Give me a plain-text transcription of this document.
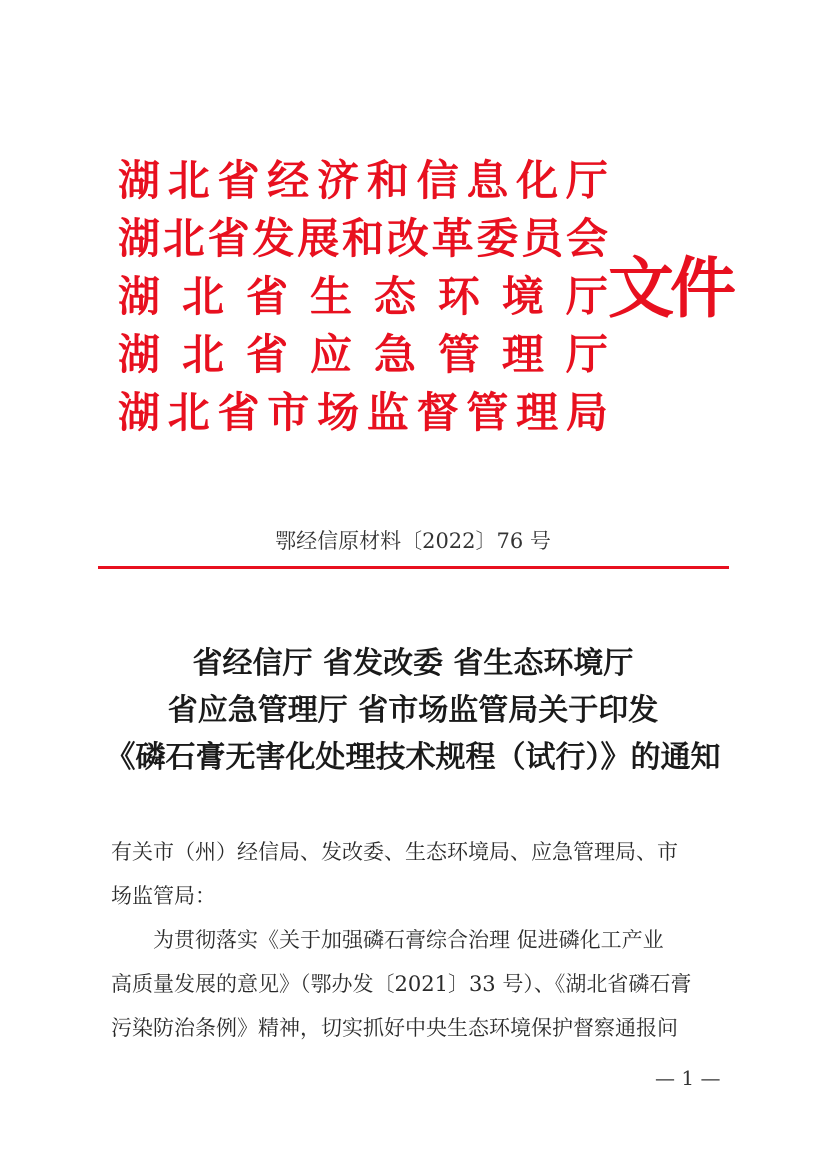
湖 北 省 经 济 和 信 息 化 厅
湖 北 省 发 展 和 改 革 委 员 会
湖 北 省 生 态 环 境 厅
湖 北 省 应 急 管 理 厅
湖 北 省 市 场 监 督 管 理 局
文件
鄂经信原材料〔2022〕76 号
省经信厅 省发改委 省生态环境厅
省应急管理厅 省市场监管局关于印发
《磷石膏无害化处理技术规程（试行）》的通知

有关市（州）经信局、发改委、生态环境局、应急管理局、市

场监管局：

为贯彻落实《关于加强磷石膏综合治理 促进磷化工产业

高质量发展的意见》（鄂办发〔2021〕33 号）、《湖北省磷石膏

污染防治条例》精神，切实抓好中央生态环境保护督察通报问

— 1 —
